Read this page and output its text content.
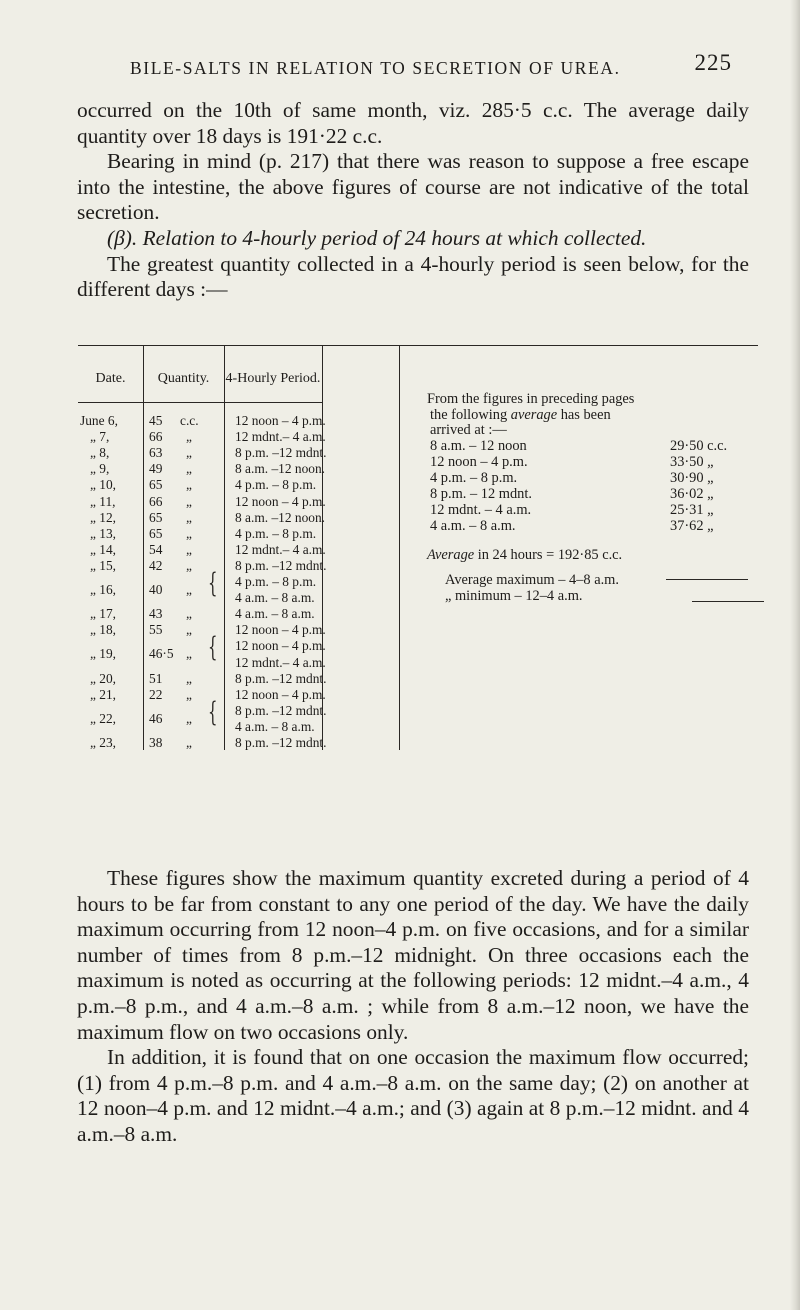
BILE-SALTS IN RELATION TO SECRETION OF UREA.	225

occurred on the 10th of same month, viz. 285·5 c.c. The average daily quantity over 18 days is 191·22 c.c.

Bearing in mind (p. 217) that there was reason to suppose a free escape into the intestine, the above figures of course are not indicative of the total secretion.

(β). Relation to 4-hourly period of 24 hours at which collected.

The greatest quantity collected in a 4-hourly period is seen below, for the different days :—

Date.	Quantity.	4-Hourly Period.
June 6, 45 c.c.	12 noon – 4 p.m.
„ 7,	66 „	12 mdnt.– 4 a.m.
„ 8,	63 „	8 p.m. –12 mdnt.
„ 9,	49 „	8 a.m. –12 noon.
„ 10, 65 „	4 p.m. – 8 p.m.
„ 11, 66 „	12 noon – 4 p.m.
„ 12, 65 „	8 a.m. –12 noon.
„ 13, 65 „	4 p.m. – 8 p.m.
„ 14, 54 „	12 mdnt.– 4 a.m.
„ 15, 42 „	8 p.m. –12 mdnt.
„ 16, 40 „ { 4 p.m. – 8 p.m.
4 a.m. – 8 a.m.
„ 17, 43 „	4 a.m. – 8 a.m.
„ 18, 55 „	12 noon – 4 p.m.
„ 19, 46·5 „ { 12 noon – 4 p.m.
12 mdnt.– 4 a.m.
„ 20, 51 „	8 p.m. –12 mdnt.
„ 21, 22 „	12 noon – 4 p.m.
„ 22, 46 „ { 8 p.m. –12 mdnt.
4 a.m. – 8 a.m.
„ 23, 38 „	8 p.m. –12 mdnt.
From the figures in preceding pages
the following average has been
arrived at :—
8 a.m. – 12 noon	29·50 c.c.
12 noon – 4 p.m.	33·50 „
4 p.m. – 8 p.m.	30·90 „
8 p.m. – 12 mdnt.	36·02 „
12 mdnt. – 4 a.m.	25·31 „
4 a.m. – 8 a.m.	37·62 „
Average in 24 hours = 192·85 c.c.
Average maximum – 4–8 a.m.
„ minimum – 12–4 a.m.

These figures show the maximum quantity excreted during a period of 4 hours to be far from constant to any one period of the day. We have the daily maximum occurring from 12 noon–4 p.m. on five occasions, and for a similar number of times from 8 p.m.–12 midnight. On three occasions each the maximum is noted as occurring at the following periods: 12 midnt.–4 a.m., 4 p.m.–8 p.m., and 4 a.m.–8 a.m. ; while from 8 a.m.–12 noon, we have the maximum flow on two occasions only.

In addition, it is found that on one occasion the maximum flow occurred; (1) from 4 p.m.–8 p.m. and 4 a.m.–8 a.m. on the same day; (2) on another at 12 noon–4 p.m. and 12 midnt.–4 a.m.; and (3) again at 8 p.m.–12 midnt. and 4 a.m.–8 a.m.
